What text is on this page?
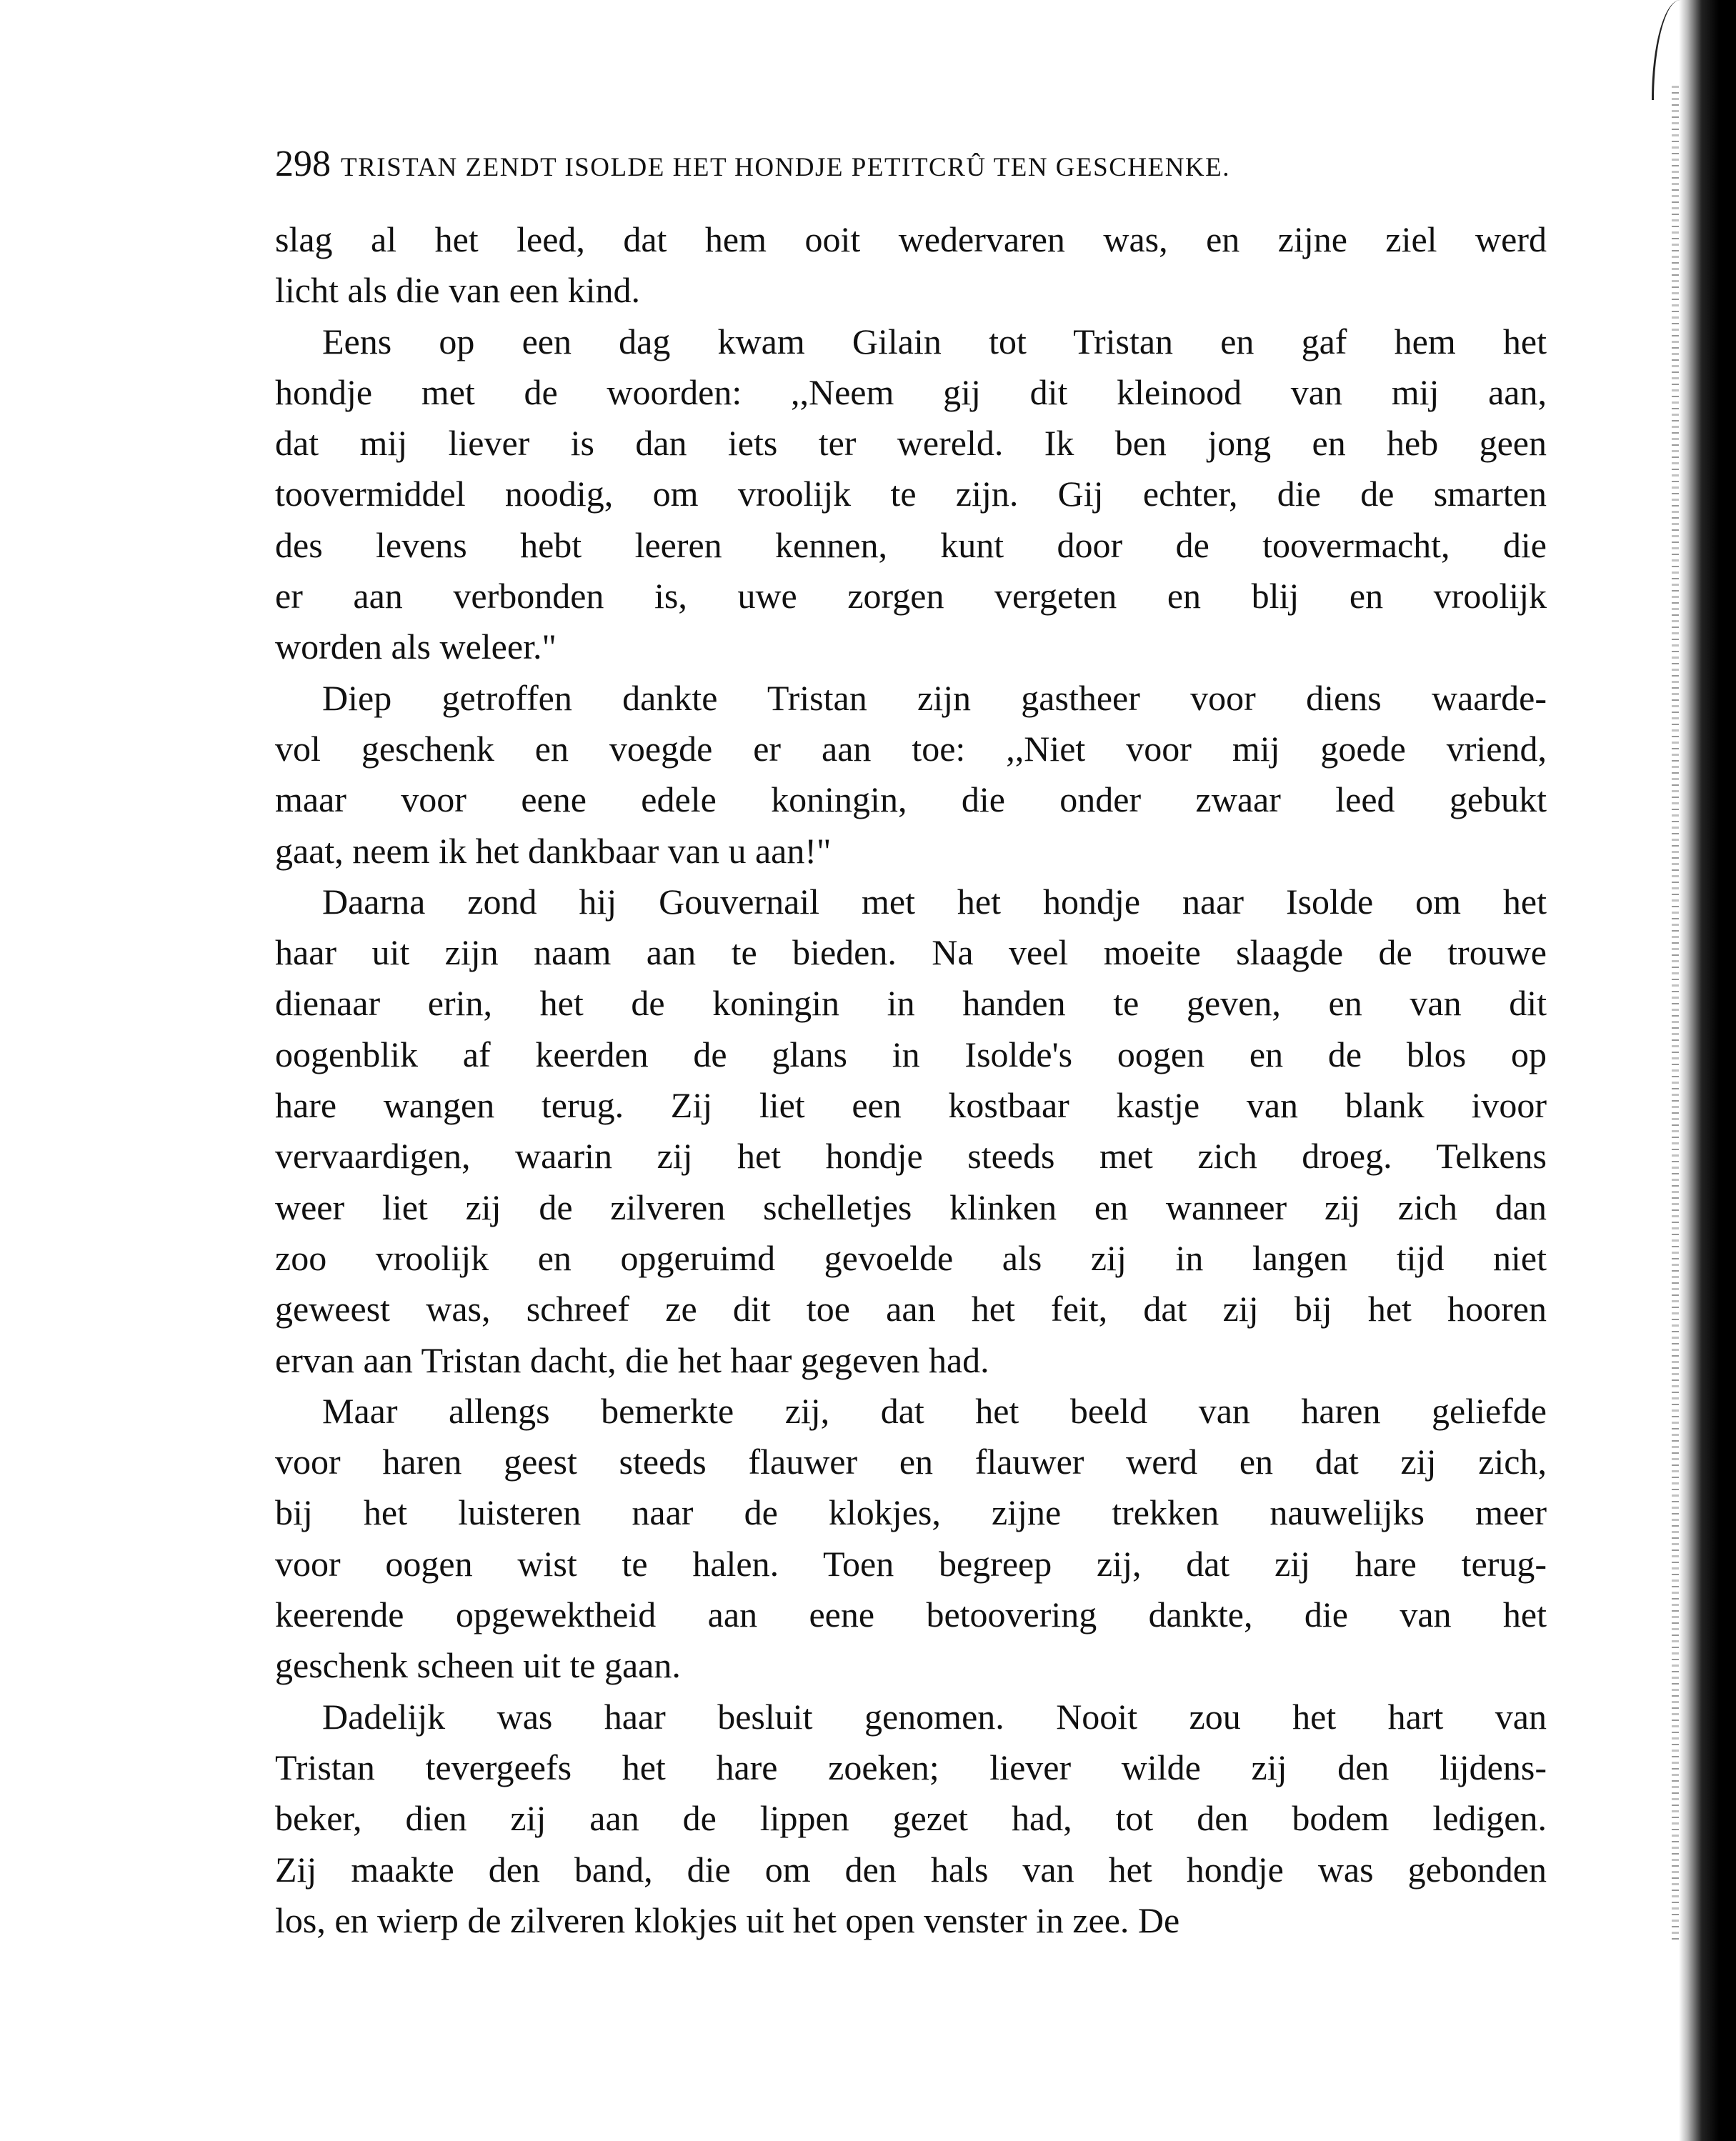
298 TRISTAN ZENDT ISOLDE HET HONDJE PETITCRÛ TEN GESCHENKE.
slag al het leed, dat hem ooit wedervaren was, en zijne ziel werd
licht als die van een kind.
Eens op een dag kwam Gilain tot Tristan en gaf hem het
hondje met de woorden: ,,Neem gij dit kleinood van mij aan,
dat mij liever is dan iets ter wereld. Ik ben jong en heb geen
toovermiddel noodig, om vroolijk te zijn. Gij echter, die de smarten
des levens hebt leeren kennen, kunt door de toovermacht, die
er aan verbonden is, uwe zorgen vergeten en blij en vroolijk
worden als weleer."
Diep getroffen dankte Tristan zijn gastheer voor diens waarde-
vol geschenk en voegde er aan toe: ,,Niet voor mij goede vriend,
maar voor eene edele koningin, die onder zwaar leed gebukt
gaat, neem ik het dankbaar van u aan!"
Daarna zond hij Gouvernail met het hondje naar Isolde om het
haar uit zijn naam aan te bieden. Na veel moeite slaagde de trouwe
dienaar erin, het de koningin in handen te geven, en van dit
oogenblik af keerden de glans in Isolde's oogen en de blos op
hare wangen terug. Zij liet een kostbaar kastje van blank ivoor
vervaardigen, waarin zij het hondje steeds met zich droeg. Telkens
weer liet zij de zilveren schelletjes klinken en wanneer zij zich dan
zoo vroolijk en opgeruimd gevoelde als zij in langen tijd niet
geweest was, schreef ze dit toe aan het feit, dat zij bij het hooren
ervan aan Tristan dacht, die het haar gegeven had.
Maar allengs bemerkte zij, dat het beeld van haren geliefde
voor haren geest steeds flauwer en flauwer werd en dat zij zich,
bij het luisteren naar de klokjes, zijne trekken nauwelijks meer
voor oogen wist te halen. Toen begreep zij, dat zij hare terug-
keerende opgewektheid aan eene betoovering dankte, die van het
geschenk scheen uit te gaan.
Dadelijk was haar besluit genomen. Nooit zou het hart van
Tristan tevergeefs het hare zoeken; liever wilde zij den lijdens-
beker, dien zij aan de lippen gezet had, tot den bodem ledigen.
Zij maakte den band, die om den hals van het hondje was gebonden
los, en wierp de zilveren klokjes uit het open venster in zee. De
